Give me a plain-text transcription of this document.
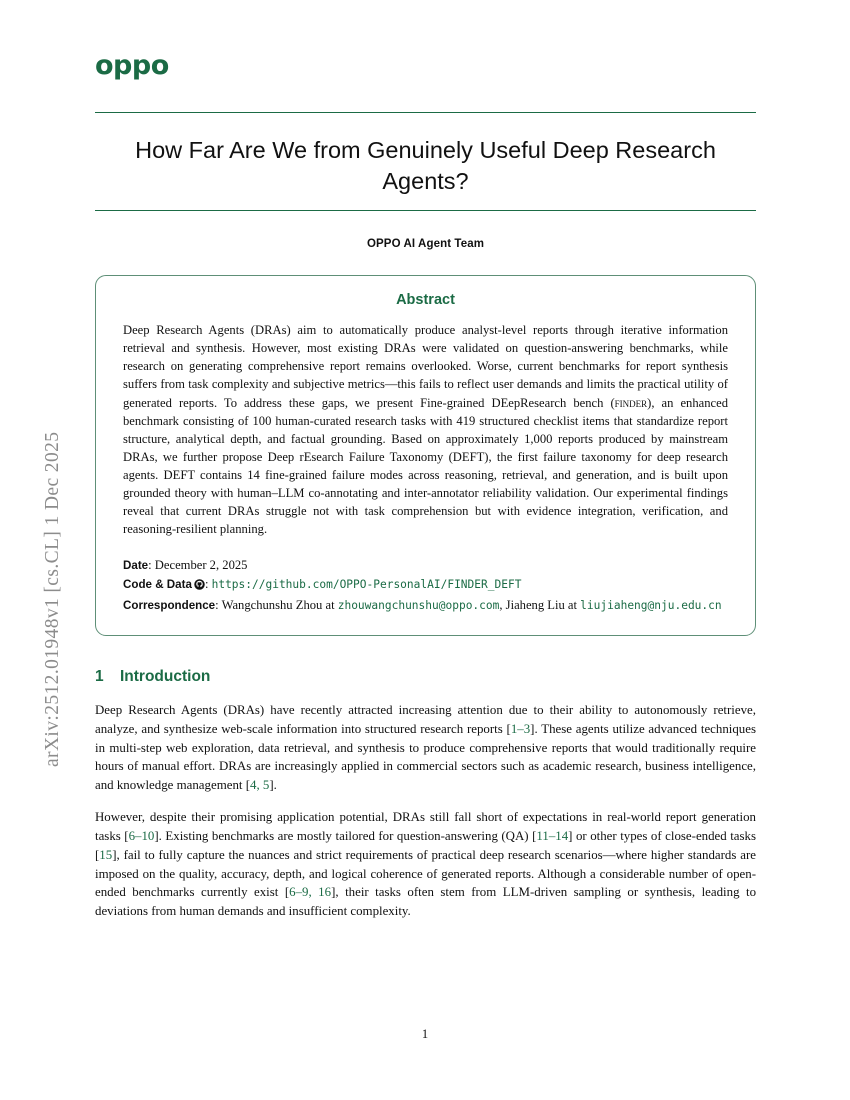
arXiv:2512.01948v1 [cs.CL] 1 Dec 2025
oppo
How Far Are We from Genuinely Useful Deep Research Agents?
OPPO AI Agent Team
Abstract

Deep Research Agents (DRAs) aim to automatically produce analyst-level reports through iterative information retrieval and synthesis. However, most existing DRAs were validated on question-answering benchmarks, while research on generating comprehensive report remains overlooked. Worse, current benchmarks for report synthesis suffers from task complexity and subjective metrics—this fails to reflect user demands and limits the practical utility of generated reports. To address these gaps, we present Fine-grained DEepResearch bench (finder), an enhanced benchmark consisting of 100 human-curated research tasks with 419 structured checklist items that standardize report structure, analytical depth, and factual grounding. Based on approximately 1,000 reports produced by mainstream DRAs, we further propose Deep rEsearch Failure Taxonomy (DEFT), the first failure taxonomy for deep research agents. DEFT contains 14 fine-grained failure modes across reasoning, retrieval, and generation, and is built upon grounded theory with human–LLM co-annotating and inter-annotator reliability validation. Our experimental findings reveal that current DRAs struggle not with task comprehension but with evidence integration, verification, and reasoning-resilient planning.

Date: December 2, 2025
Code & Data : https://github.com/OPPO-PersonalAI/FINDER_DEFT
Correspondence: Wangchunshu Zhou at zhouwangchunshu@oppo.com, Jiaheng Liu at liujiaheng@nju.edu.cn
1 Introduction

Deep Research Agents (DRAs) have recently attracted increasing attention due to their ability to autonomously retrieve, analyze, and synthesize web-scale information into structured research reports [1–3]. These agents utilize advanced techniques in multi-step web exploration, data retrieval, and synthesis to produce comprehensive reports that would traditionally require hours of manual effort. DRAs are increasingly applied in commercial sectors such as academic research, business intelligence, and knowledge management [4, 5].

However, despite their promising application potential, DRAs still fall short of expectations in real-world report generation tasks [6–10]. Existing benchmarks are mostly tailored for question-answering (QA) [11–14] or other types of close-ended tasks [15], fail to fully capture the nuances and strict requirements of practical deep research scenarios—where higher standards are imposed on the quality, accuracy, depth, and logical coherence of generated reports. Although a considerable number of open-ended benchmarks currently exist [6–9, 16], their tasks often stem from LLM-driven sampling or synthesis, leading to deviations from human demands and insufficient complexity.

1
